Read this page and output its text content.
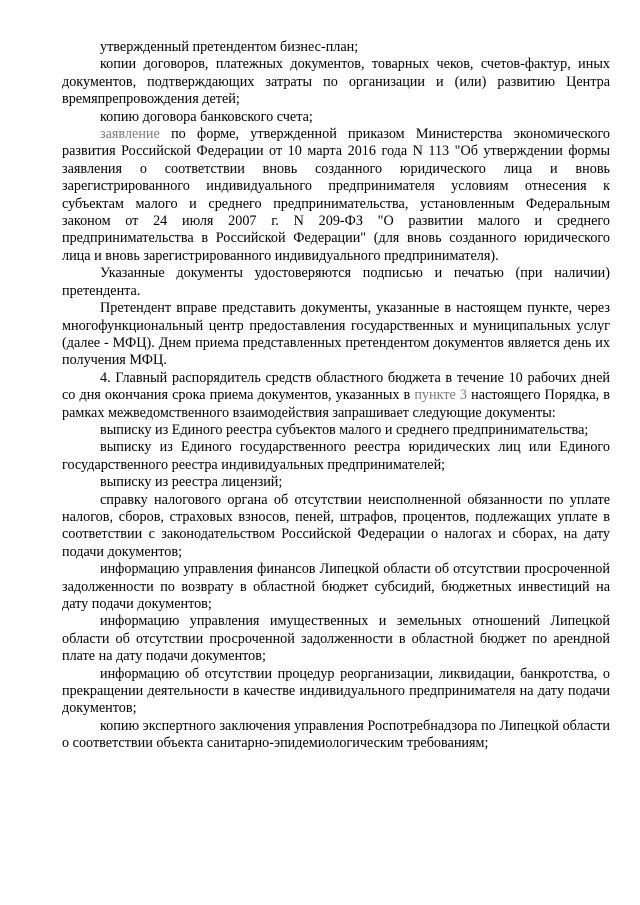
утвержденный претендентом бизнес-план;

копии договоров, платежных документов, товарных чеков, счетов-фактур, иных документов, подтверждающих затраты по организации и (или) развитию Центра времяпрепровождения детей;

копию договора банковского счета;

заявление по форме, утвержденной приказом Министерства экономического развития Российской Федерации от 10 марта 2016 года N 113 "Об утверждении формы заявления о соответствии вновь созданного юридического лица и вновь зарегистрированного индивидуального предпринимателя условиям отнесения к субъектам малого и среднего предпринимательства, установленным Федеральным законом от 24 июля 2007 г. N 209-ФЗ "О развитии малого и среднего предпринимательства в Российской Федерации" (для вновь созданного юридического лица и вновь зарегистрированного индивидуального предпринимателя).

Указанные документы удостоверяются подписью и печатью (при наличии) претендента.

Претендент вправе представить документы, указанные в настоящем пункте, через многофункциональный центр предоставления государственных и муниципальных услуг (далее - МФЦ). Днем приема представленных претендентом документов является день их получения МФЦ.

4. Главный распорядитель средств областного бюджета в течение 10 рабочих дней со дня окончания срока приема документов, указанных в пункте 3 настоящего Порядка, в рамках межведомственного взаимодействия запрашивает следующие документы:

выписку из Единого реестра субъектов малого и среднего предпринимательства;

выписку из Единого государственного реестра юридических лиц или Единого государственного реестра индивидуальных предпринимателей;

выписку из реестра лицензий;

справку налогового органа об отсутствии неисполненной обязанности по уплате налогов, сборов, страховых взносов, пеней, штрафов, процентов, подлежащих уплате в соответствии с законодательством Российской Федерации о налогах и сборах, на дату подачи документов;

информацию управления финансов Липецкой области об отсутствии просроченной задолженности по возврату в областной бюджет субсидий, бюджетных инвестиций на дату подачи документов;

информацию управления имущественных и земельных отношений Липецкой области об отсутствии просроченной задолженности в областной бюджет по арендной плате на дату подачи документов;

информацию об отсутствии процедур реорганизации, ликвидации, банкротства, о прекращении деятельности в качестве индивидуального предпринимателя на дату подачи документов;

копию экспертного заключения управления Роспотребнадзора по Липецкой области о соответствии объекта санитарно-эпидемиологическим требованиям;
